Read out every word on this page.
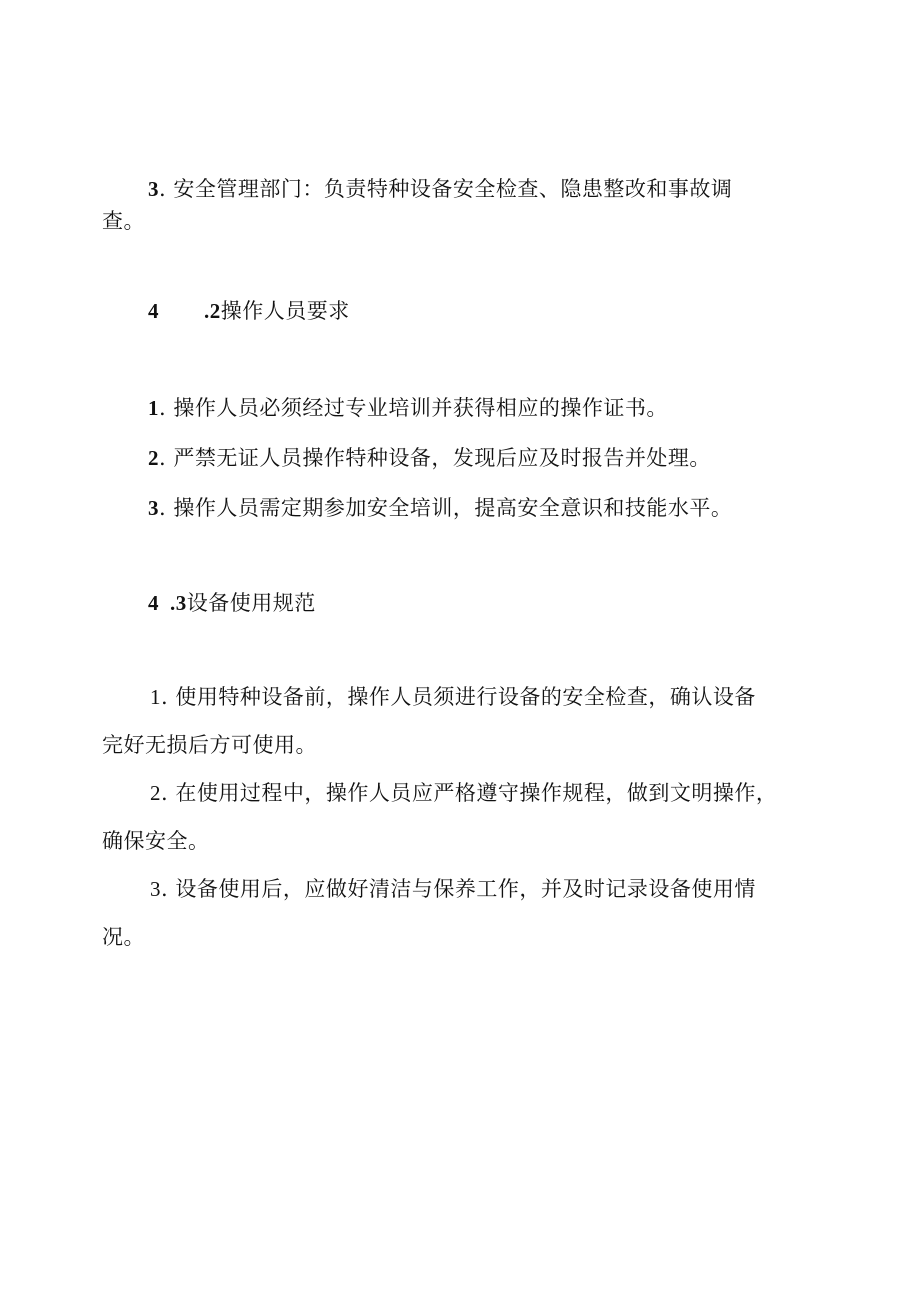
3. 安全管理部门：负责特种设备安全检查、隐患整改和事故调
查。
4 .2操作人员要求
1. 操作人员必须经过专业培训并获得相应的操作证书。
2. 严禁无证人员操作特种设备，发现后应及时报告并处理。
3. 操作人员需定期参加安全培训，提高安全意识和技能水平。
4 .3设备使用规范
1. 使用特种设备前，操作人员须进行设备的安全检查，确认设备
完好无损后方可使用。
2. 在使用过程中，操作人员应严格遵守操作规程，做到文明操作，
确保安全。
3. 设备使用后，应做好清洁与保养工作，并及时记录设备使用情
况。
